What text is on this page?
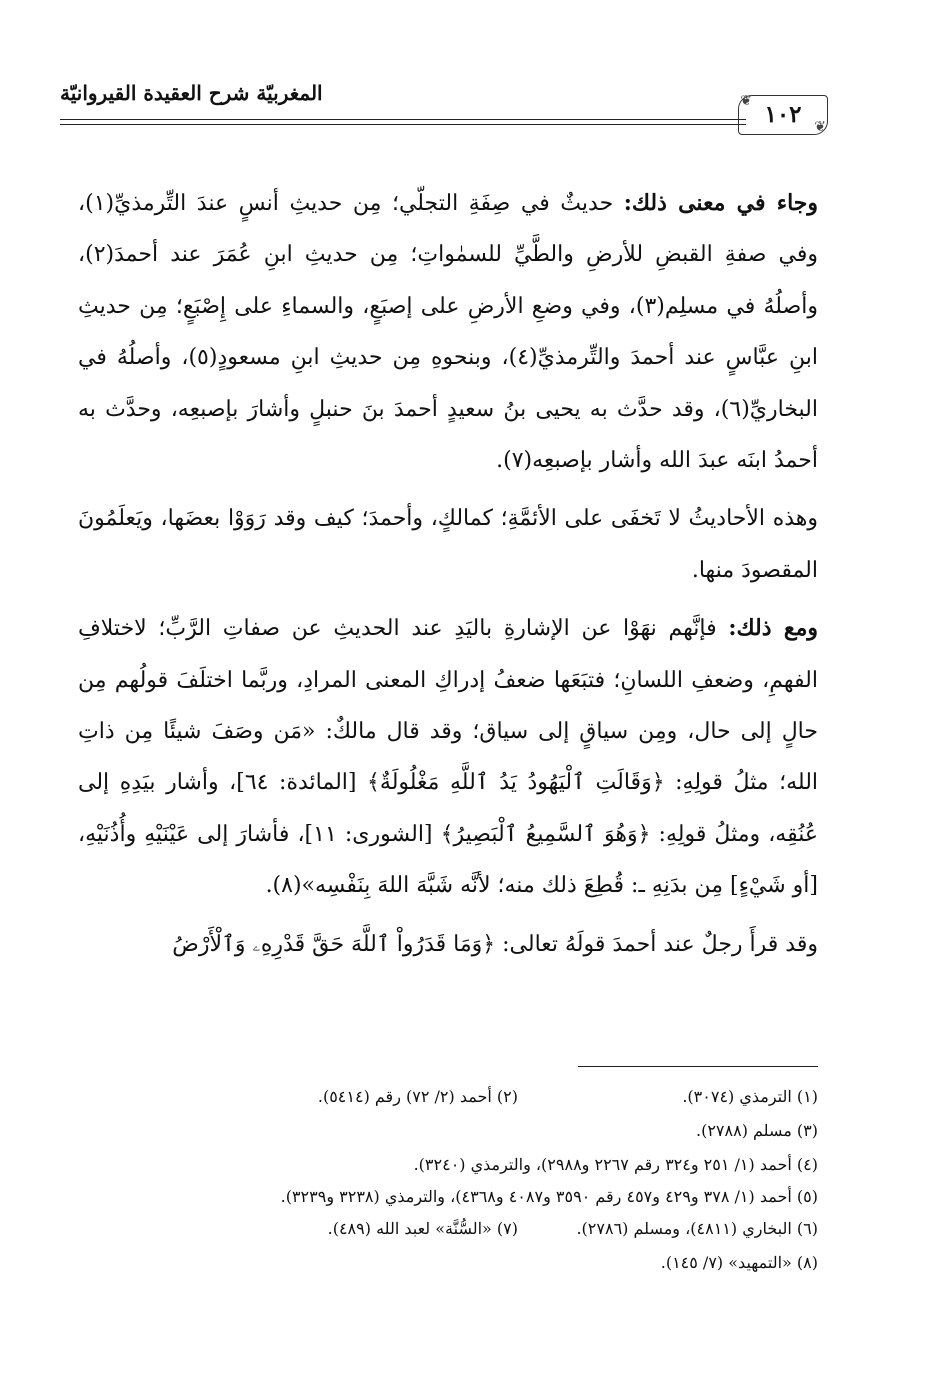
المغربيّة شرح العقيدة القيروانيّة
١٠٢
❦
❦

وجاء في معنى ذلك: حديثٌ في صِفَةِ التجلّي؛ مِن حديثِ أنسٍ عندَ التِّرمذيِّ(١)، وفي صفةِ القبضِ للأرضِ والطَّيِّ للسمٰواتِ؛ مِن حديثِ ابنِ عُمَرَ عند أحمدَ(٢)، وأصلُهُ في مسلِم(٣)، وفي وضعِ الأرضِ على إصبَعٍ، والسماءِ على إِصْبَعٍ؛ مِن حديثِ ابنِ عبَّاسٍ عند أحمدَ والتِّرمذيِّ(٤)، وبنحوهِ مِن حديثِ ابنِ مسعودٍ(٥)، وأصلُهُ في البخاريِّ(٦)، وقد حدَّث به يحيى بنُ سعيدٍ أحمدَ بنَ حنبلٍ وأشارَ بإصبعِه، وحدَّث به أحمدُ ابنَه عبدَ الله وأشار بإصبعِه(٧).

وهذه الأحاديثُ لا تَخفَى على الأئمَّةِ؛ كمالكٍ، وأحمدَ؛ كيف وقد رَوَوْا بعضَها، ويَعلَمُونَ المقصودَ منها.

ومع ذلك: فإنَّهم نهَوْا عن الإشارةِ باليَدِ عند الحديثِ عن صفاتِ الرَّبِّ؛ لاختلافِ الفهمِ، وضعفِ اللسانِ؛ فتبَعَها ضعفُ إدراكِ المعنى المرادِ، وربَّما اختلَفَ قولُهم مِن حالٍ إلى حال، ومِن سياقٍ إلى سياق؛ وقد قال مالكٌ: «مَن وصَفَ شيئًا مِن ذاتِ الله؛ مثلُ قولِهِ: ﴿وَقَالَتِ ٱلْيَهُودُ يَدُ ٱللَّهِ مَغْلُولَةٌ﴾ [المائدة: ٦٤]، وأشار بيَدِهِ إلى عُنُقِه، ومثلُ قولِهِ: ﴿وَهُوَ ٱلسَّمِيعُ ٱلْبَصِيرُ﴾ [الشورى: ١١]، فأشارَ إلى عَيْنَيْهِ وأُذُنَيْهِ، [أو شَيْءٍ] مِن بدَنِهِ ـ: قُطِعَ ذلك منه؛ لأنَّه شَبَّهَ اللهَ بِنَفْسِه»(٨).

وقد قرأَ رجلٌ عند أحمدَ قولَهُ تعالى: ﴿وَمَا قَدَرُواْ ٱللَّهَ حَقَّ قَدْرِهِۦ وَٱلْأَرْضُ

(١) الترمذي (٣٠٧٤).
(٢) أحمد (٢/ ٧٢) رقم (٥٤١٤).
(٣) مسلم (٢٧٨٨).
(٤) أحمد (١/ ٢٥١ و٣٢٤ رقم ٢٢٦٧ و٢٩٨٨)، والترمذي (٣٢٤٠).
(٥) أحمد (١/ ٣٧٨ و٤٢٩ و٤٥٧ رقم ٣٥٩٠ و٤٠٨٧ و٤٣٦٨)، والترمذي (٣٢٣٨ و٣٢٣٩).
(٦) البخاري (٤٨١١)، ومسلم (٢٧٨٦).
(٧) «السُّنَّة» لعبد الله (٤٨٩).
(٨) «التمهيد» (٧/ ١٤٥).
